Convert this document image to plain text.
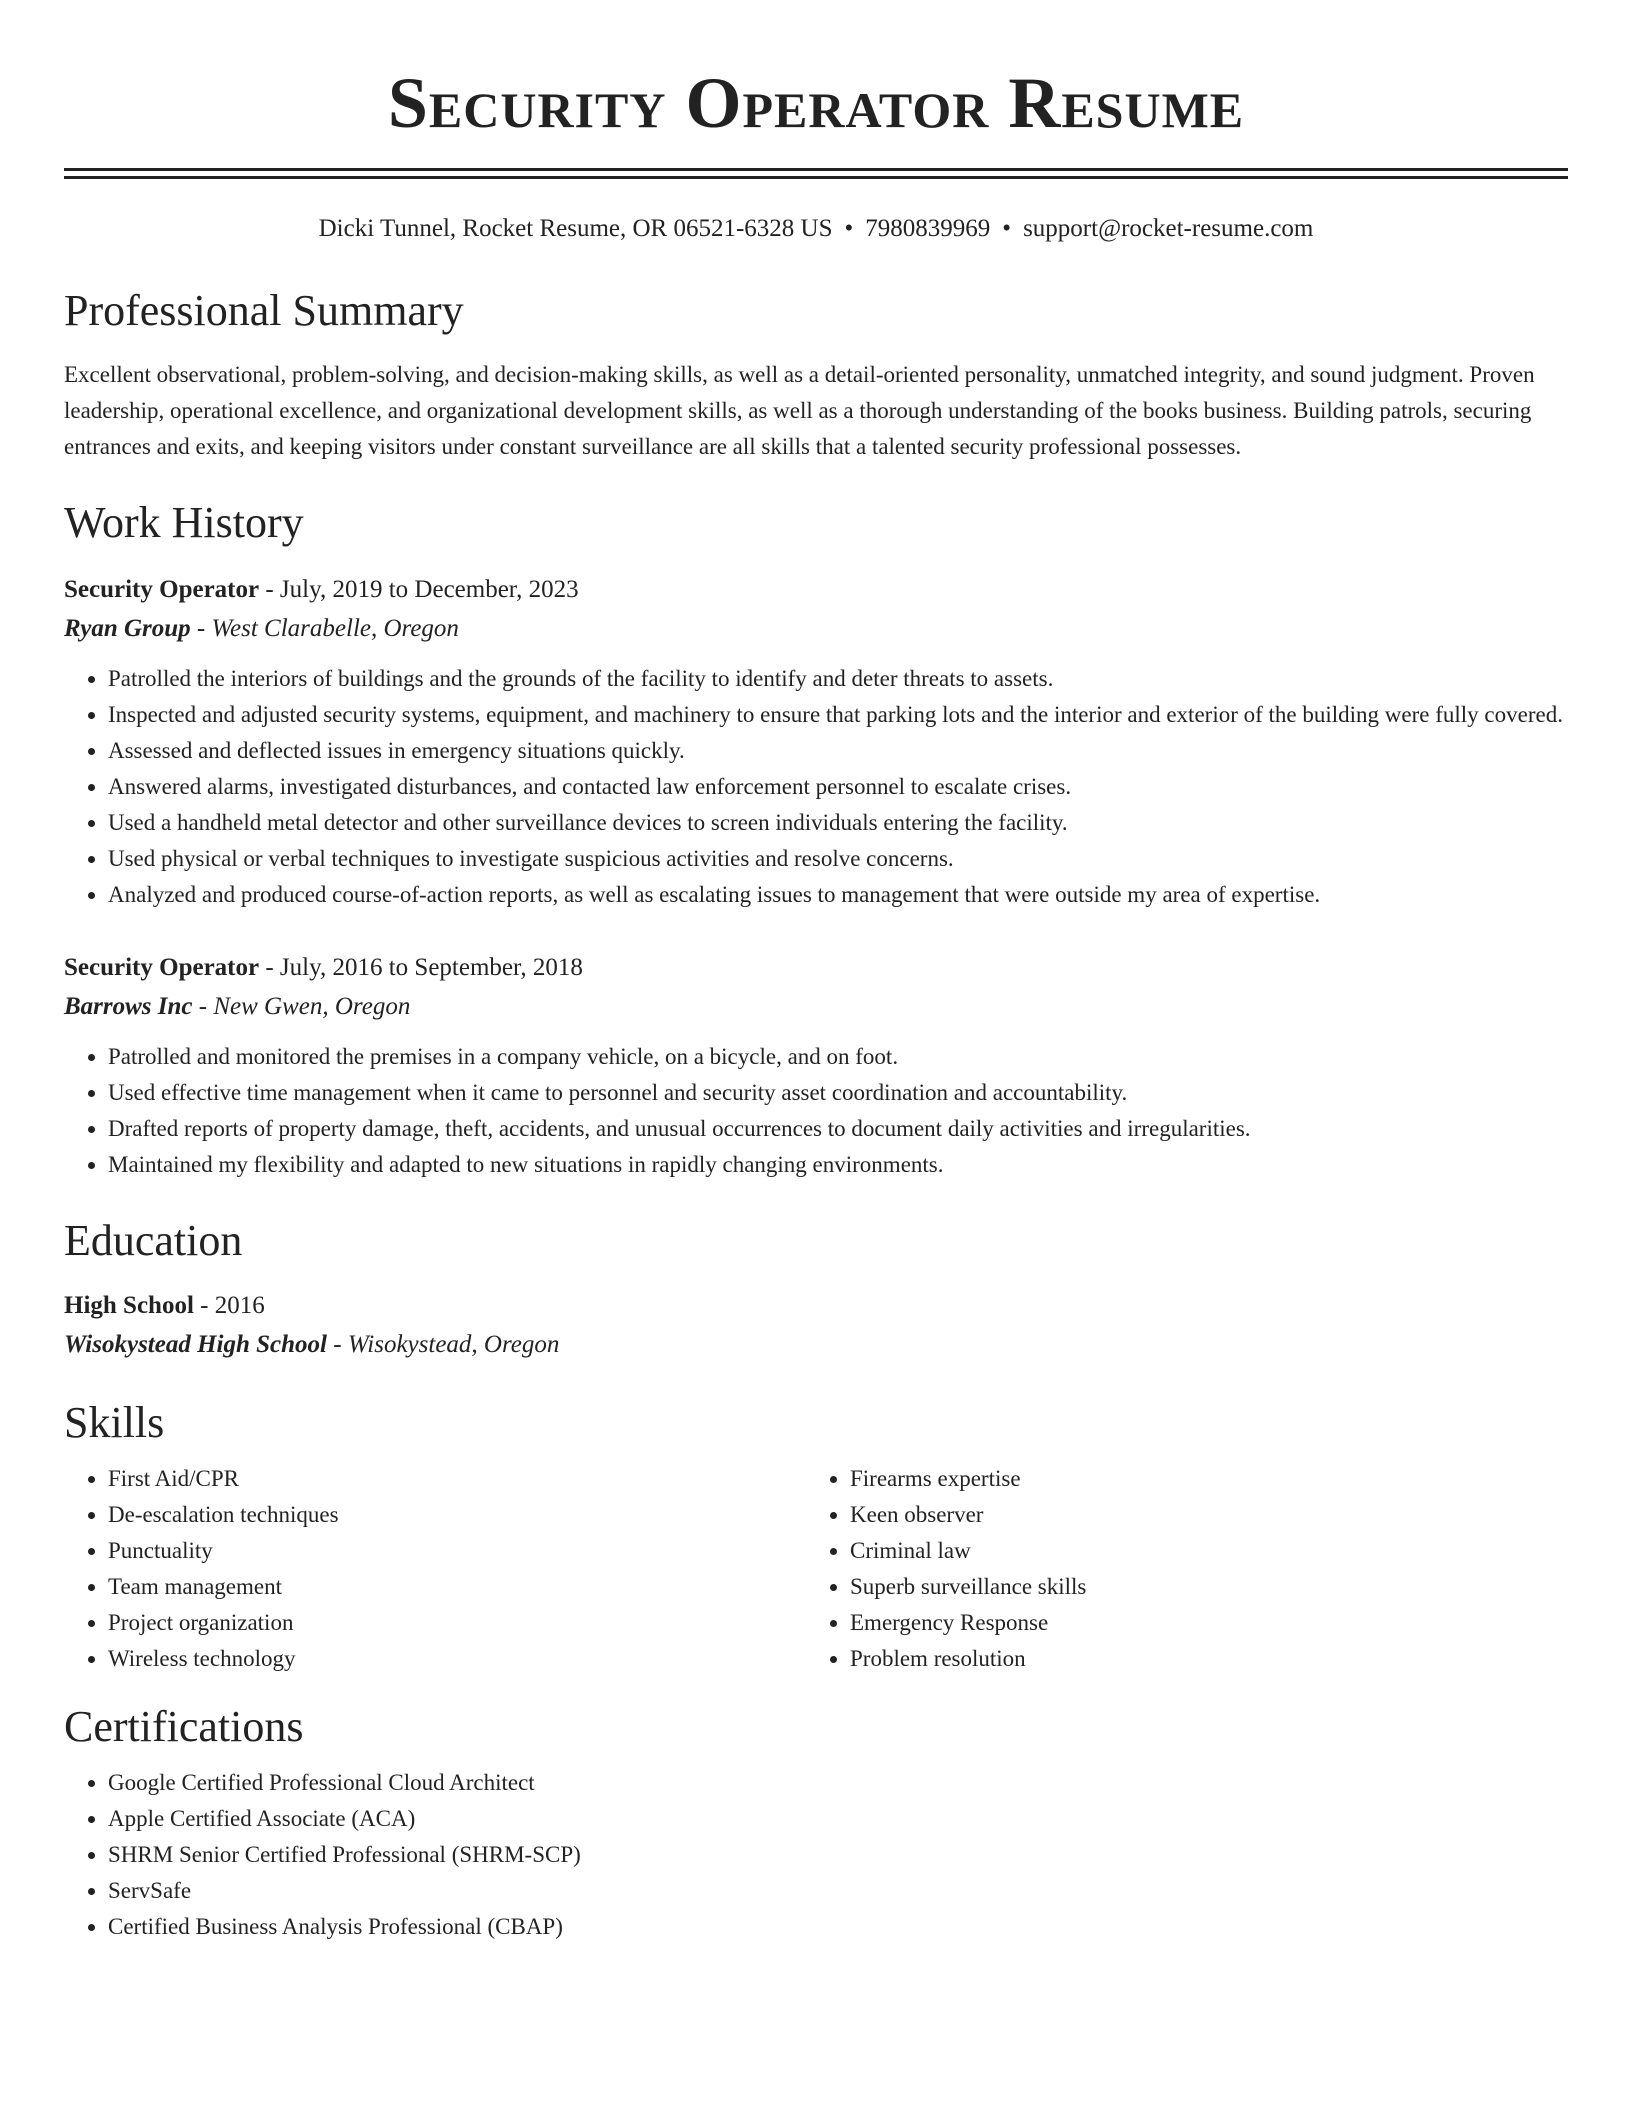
Security Operator Resume
Dicki Tunnel, Rocket Resume, OR 06521-6328 US • 7980839969 • support@rocket-resume.com
Professional Summary

Excellent observational, problem-solving, and decision-making skills, as well as a detail-oriented personality, unmatched integrity, and sound judgment. Proven leadership, operational excellence, and organizational development skills, as well as a thorough understanding of the books business. Building patrols, securing entrances and exits, and keeping visitors under constant surveillance are all skills that a talented security professional possesses.

Work History
Security Operator - July, 2019 to December, 2023
Ryan Group - West Clarabelle, Oregon
• Patrolled the interiors of buildings and the grounds of the facility to identify and deter threats to assets.
• Inspected and adjusted security systems, equipment, and machinery to ensure that parking lots and the interior and exterior of the building were fully covered.
• Assessed and deflected issues in emergency situations quickly.
• Answered alarms, investigated disturbances, and contacted law enforcement personnel to escalate crises.
• Used a handheld metal detector and other surveillance devices to screen individuals entering the facility.
• Used physical or verbal techniques to investigate suspicious activities and resolve concerns.
• Analyzed and produced course-of-action reports, as well as escalating issues to management that were outside my area of expertise.
Security Operator - July, 2016 to September, 2018
Barrows Inc - New Gwen, Oregon
• Patrolled and monitored the premises in a company vehicle, on a bicycle, and on foot.
• Used effective time management when it came to personnel and security asset coordination and accountability.
• Drafted reports of property damage, theft, accidents, and unusual occurrences to document daily activities and irregularities.
• Maintained my flexibility and adapted to new situations in rapidly changing environments.
Education
High School - 2016
Wisokystead High School - Wisokystead, Oregon
Skills
• First Aid/CPR
• De-escalation techniques
• Punctuality
• Team management
• Project organization
• Wireless technology
• Firearms expertise
• Keen observer
• Criminal law
• Superb surveillance skills
• Emergency Response
• Problem resolution
Certifications
• Google Certified Professional Cloud Architect
• Apple Certified Associate (ACA)
• SHRM Senior Certified Professional (SHRM-SCP)
• ServSafe
• Certified Business Analysis Professional (CBAP)
